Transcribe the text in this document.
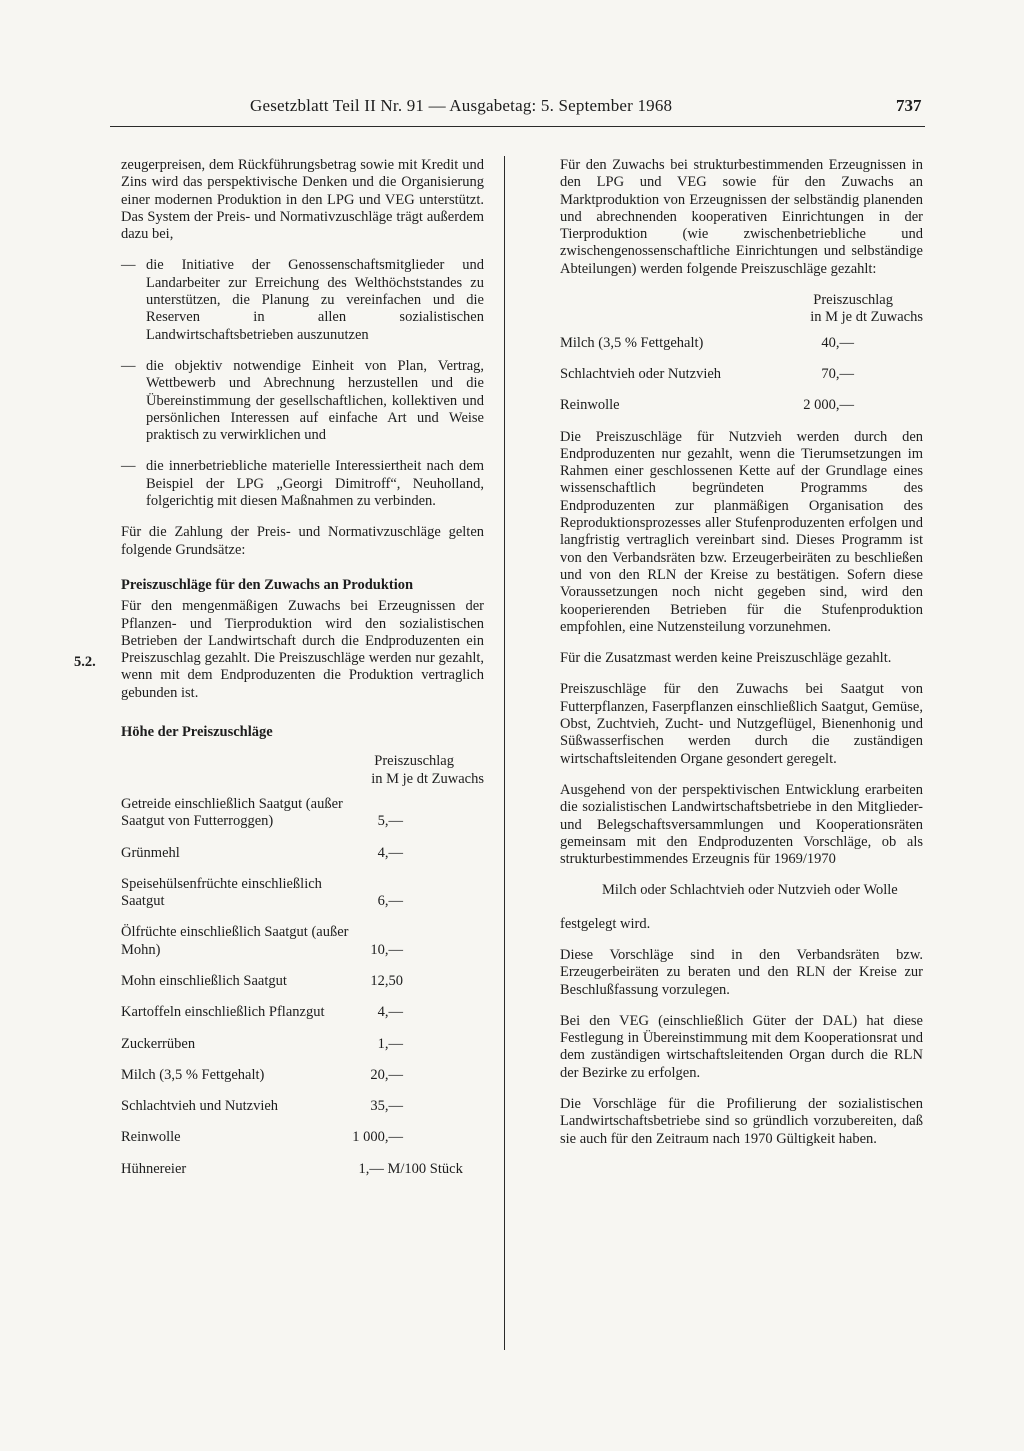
Gesetzblatt Teil II Nr. 91 — Ausgabetag: 5. September 1968	737
5.2.

zeugerpreisen, dem Rückführungsbetrag sowie mit Kredit und Zins wird das perspektivische Denken und die Organisierung einer modernen Produktion in den LPG und VEG unterstützt. Das System der Preis- und Normativzuschläge trägt außerdem dazu bei,

— die Initiative der Genossenschaftsmitglieder und Landarbeiter zur Erreichung des Welthöchststandes zu unterstützen, die Planung zu vereinfachen und die Reserven in allen sozialistischen Landwirtschaftsbetrieben auszunutzen
— die objektiv notwendige Einheit von Plan, Vertrag, Wettbewerb und Abrechnung herzustellen und die Übereinstimmung der gesellschaftlichen, kollektiven und persönlichen Interessen auf einfache Art und Weise praktisch zu verwirklichen und
— die innerbetriebliche materielle Interessiertheit nach dem Beispiel der LPG „Georgi Dimitroff“, Neuholland, folgerichtig mit diesen Maßnahmen zu verbinden.

Für die Zahlung der Preis- und Normativzuschläge gelten folgende Grundsätze:

Preiszuschläge für den Zuwachs an Produktion

Für den mengenmäßigen Zuwachs bei Erzeugnissen der Pflanzen- und Tierproduktion wird den sozialistischen Betrieben der Landwirtschaft durch die Endproduzenten ein Preiszuschlag gezahlt. Die Preiszuschläge werden nur gezahlt, wenn mit dem Endproduzenten die Produktion vertraglich gebunden ist.

Höhe der Preiszuschläge

Preiszuschlag
in M je dt Zuwachs
Getreide einschließlich Saatgut (außer Saatgut von Futterroggen)	5,—
Grünmehl	4,—
Speisehülsenfrüchte einschließlich Saatgut	6,—
Ölfrüchte einschließlich Saatgut (außer Mohn)	10,—
Mohn einschließlich Saatgut	12,50
Kartoffeln einschließlich Pflanzgut	4,—
Zuckerrüben	1,—
Milch (3,5 % Fettgehalt)	20,—
Schlachtvieh und Nutzvieh	35,—
Reinwolle	1 000,—
Hühnereier	1,— M/100 Stück

Für den Zuwachs bei strukturbestimmenden Erzeugnissen in den LPG und VEG sowie für den Zuwachs an Marktproduktion von Erzeugnissen der selbständig planenden und abrechnenden kooperativen Einrichtungen in der Tierproduktion (wie zwischenbetriebliche und zwischengenossenschaftliche Einrichtungen und selbständige Abteilungen) werden folgende Preiszuschläge gezahlt:

Preiszuschlag
in M je dt Zuwachs
Milch (3,5 % Fettgehalt)	40,—
Schlachtvieh oder Nutzvieh	70,—
Reinwolle	2 000,—

Die Preiszuschläge für Nutzvieh werden durch den Endproduzenten nur gezahlt, wenn die Tierumsetzungen im Rahmen einer geschlossenen Kette auf der Grundlage eines wissenschaftlich begründeten Programms des Endproduzenten zur planmäßigen Organisation des Reproduktionsprozesses aller Stufenproduzenten erfolgen und langfristig vertraglich vereinbart sind. Dieses Programm ist von den Verbandsräten bzw. Erzeugerbeiräten zu beschließen und von den RLN der Kreise zu bestätigen. Sofern diese Voraussetzungen noch nicht gegeben sind, wird den kooperierenden Betrieben für die Stufenproduktion empfohlen, eine Nutzensteilung vorzunehmen.

Für die Zusatzmast werden keine Preiszuschläge gezahlt.

Preiszuschläge für den Zuwachs bei Saatgut von Futterpflanzen, Faserpflanzen einschließlich Saatgut, Gemüse, Obst, Zuchtvieh, Zucht- und Nutzgeflügel, Bienenhonig und Süßwasserfischen werden durch die zuständigen wirtschaftsleitenden Organe gesondert geregelt.

Ausgehend von der perspektivischen Entwicklung erarbeiten die sozialistischen Landwirtschaftsbetriebe in den Mitglieder- und Belegschaftsversammlungen und Kooperationsräten gemeinsam mit den Endproduzenten Vorschläge, ob als strukturbestimmendes Erzeugnis für 1969/1970

Milch oder Schlachtvieh oder Nutzvieh oder Wolle

festgelegt wird.

Diese Vorschläge sind in den Verbandsräten bzw. Erzeugerbeiräten zu beraten und den RLN der Kreise zur Beschlußfassung vorzulegen.

Bei den VEG (einschließlich Güter der DAL) hat diese Festlegung in Übereinstimmung mit dem Kooperationsrat und dem zuständigen wirtschaftsleitenden Organ durch die RLN der Bezirke zu erfolgen.

Die Vorschläge für die Profilierung der sozialistischen Landwirtschaftsbetriebe sind so gründlich vorzubereiten, daß sie auch für den Zeitraum nach 1970 Gültigkeit haben.
